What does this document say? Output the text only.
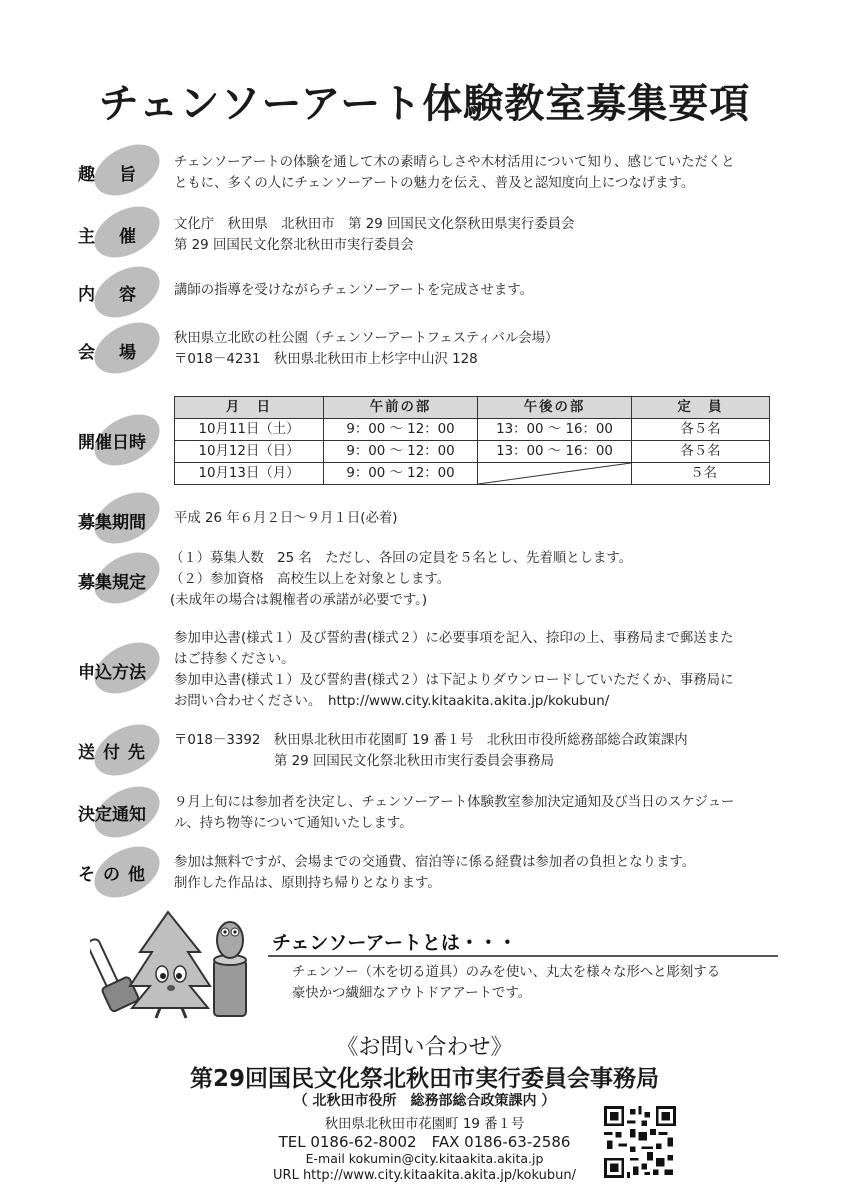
チェンソーアート体験教室募集要項
趣旨
チェンソーアートの体験を通して木の素晴らしさや木材活用について知り、感じていただくと
ともに、多くの人にチェンソーアートの魅力を伝え、普及と認知度向上につなげます。
主催
文化庁　秋田県　北秋田市　第 29 回国民文化祭秋田県実行委員会
第 29 回国民文化祭北秋田市実行委員会
内容 講師の指導を受けながらチェンソーアートを完成させます。
会場
秋田県立北欧の杜公園（チェンソーアートフェスティバル会場）
〒018－4231　秋田県北秋田市上杉字中山沢 128
開催日時
月　日	午前の部	午後の部	定　員
10月11日（土）	9：00 ～ 12：00	13：00 ～ 16：00	各５名
10月12日（日）	9：00 ～ 12：00	13：00 ～ 16：00	各５名
10月13日（月）	9：00 ～ 12：00		５名
募集期間	平成 26 年６月２日～９月１日(必着)
募集規定
（１）募集人数　25 名　ただし、各回の定員を５名とし、先着順とします。
（２）参加資格　高校生以上を対象とします。
(未成年の場合は親権者の承諾が必要です。)
申込方法
参加申込書(様式１）及び誓約書(様式２）に必要事項を記入、捺印の上、事務局まで郵送また
はご持参ください。
参加申込書(様式１）及び誓約書(様式２）は下記よりダウンロードしていただくか、事務局に
お問い合わせください。　http://www.city.kitaakita.akita.jp/kokubun/
送付先
〒018－3392　秋田県北秋田市花園町 19 番１号　北秋田市役所総務部総合政策課内
第 29 回国民文化祭北秋田市実行委員会事務局
決定通知
９月上旬には参加者を決定し、チェンソーアート体験教室参加決定通知及び当日のスケジュー
ル、持ち物等について通知いたします。
その他
参加は無料ですが、会場までの交通費、宿泊等に係る経費は参加者の負担となります。
制作した作品は、原則持ち帰りとなります。
チェンソーアートとは・・・
チェンソー（木を切る道具）のみを使い、丸太を様々な形へと彫刻する
豪快かつ繊細なアウトドアアートです。
《お問い合わせ》
第29回国民文化祭北秋田市実行委員会事務局
（ 北秋田市役所　総務部総合政策課内 ）
秋田県北秋田市花園町 19 番１号
TEL 0186-62-8002　FAX 0186-63-2586
E-mail kokumin@city.kitaakita.akita.jp
URL http://www.city.kitaakita.akita.jp/kokubun/
